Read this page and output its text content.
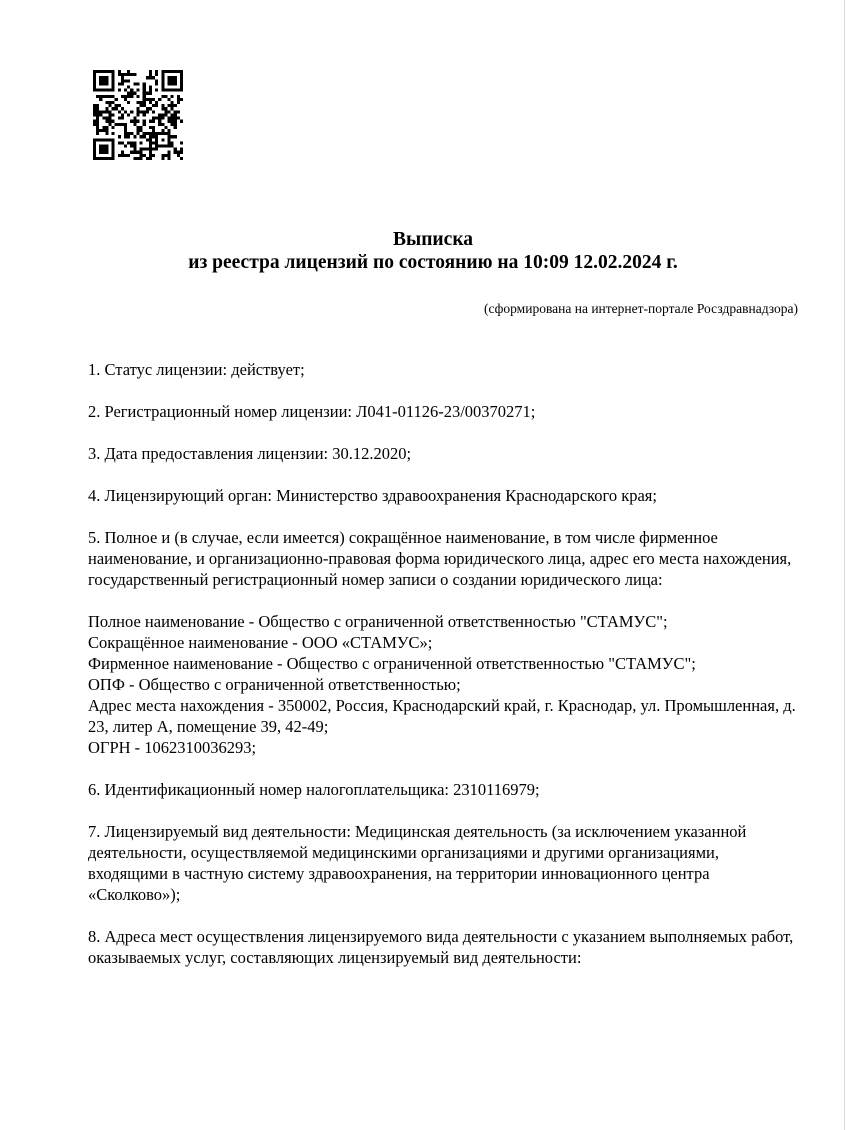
Выписка
из реестра лицензий по состоянию на 10:09 12.02.2024 г.
(сформирована на интернет-портале Росздравнадзора)
1. Статус лицензии: действует;
2. Регистрационный номер лицензии: Л041-01126-23/00370271;
3. Дата предоставления лицензии: 30.12.2020;
4. Лицензирующий орган: Министерство здравоохранения Краснодарского края;
5. Полное и (в случае, если имеется) сокращённое наименование, в том числе фирменное наименование, и организационно-правовая форма юридического лица, адрес его места нахождения, государственный регистрационный номер записи о создании юридического лица:
Полное наименование - Общество с ограниченной ответственностью "СТАМУС";
Сокращённое наименование - ООО «СТАМУС»;
Фирменное наименование - Общество с ограниченной ответственностью "СТАМУС";
ОПФ - Общество с ограниченной ответственностью;
Адрес места нахождения - 350002, Россия, Краснодарский край, г. Краснодар, ул. Промышленная, д. 23, литер А, помещение 39, 42-49;
ОГРН - 1062310036293;
6. Идентификационный номер налогоплательщика: 2310116979;
7. Лицензируемый вид деятельности: Медицинская деятельность (за исключением указанной деятельности, осуществляемой медицинскими организациями и другими организациями, входящими в частную систему здравоохранения, на территории инновационного центра «Сколково»);
8. Адреса мест осуществления лицензируемого вида деятельности с указанием выполняемых работ, оказываемых услуг, составляющих лицензируемый вид деятельности:
